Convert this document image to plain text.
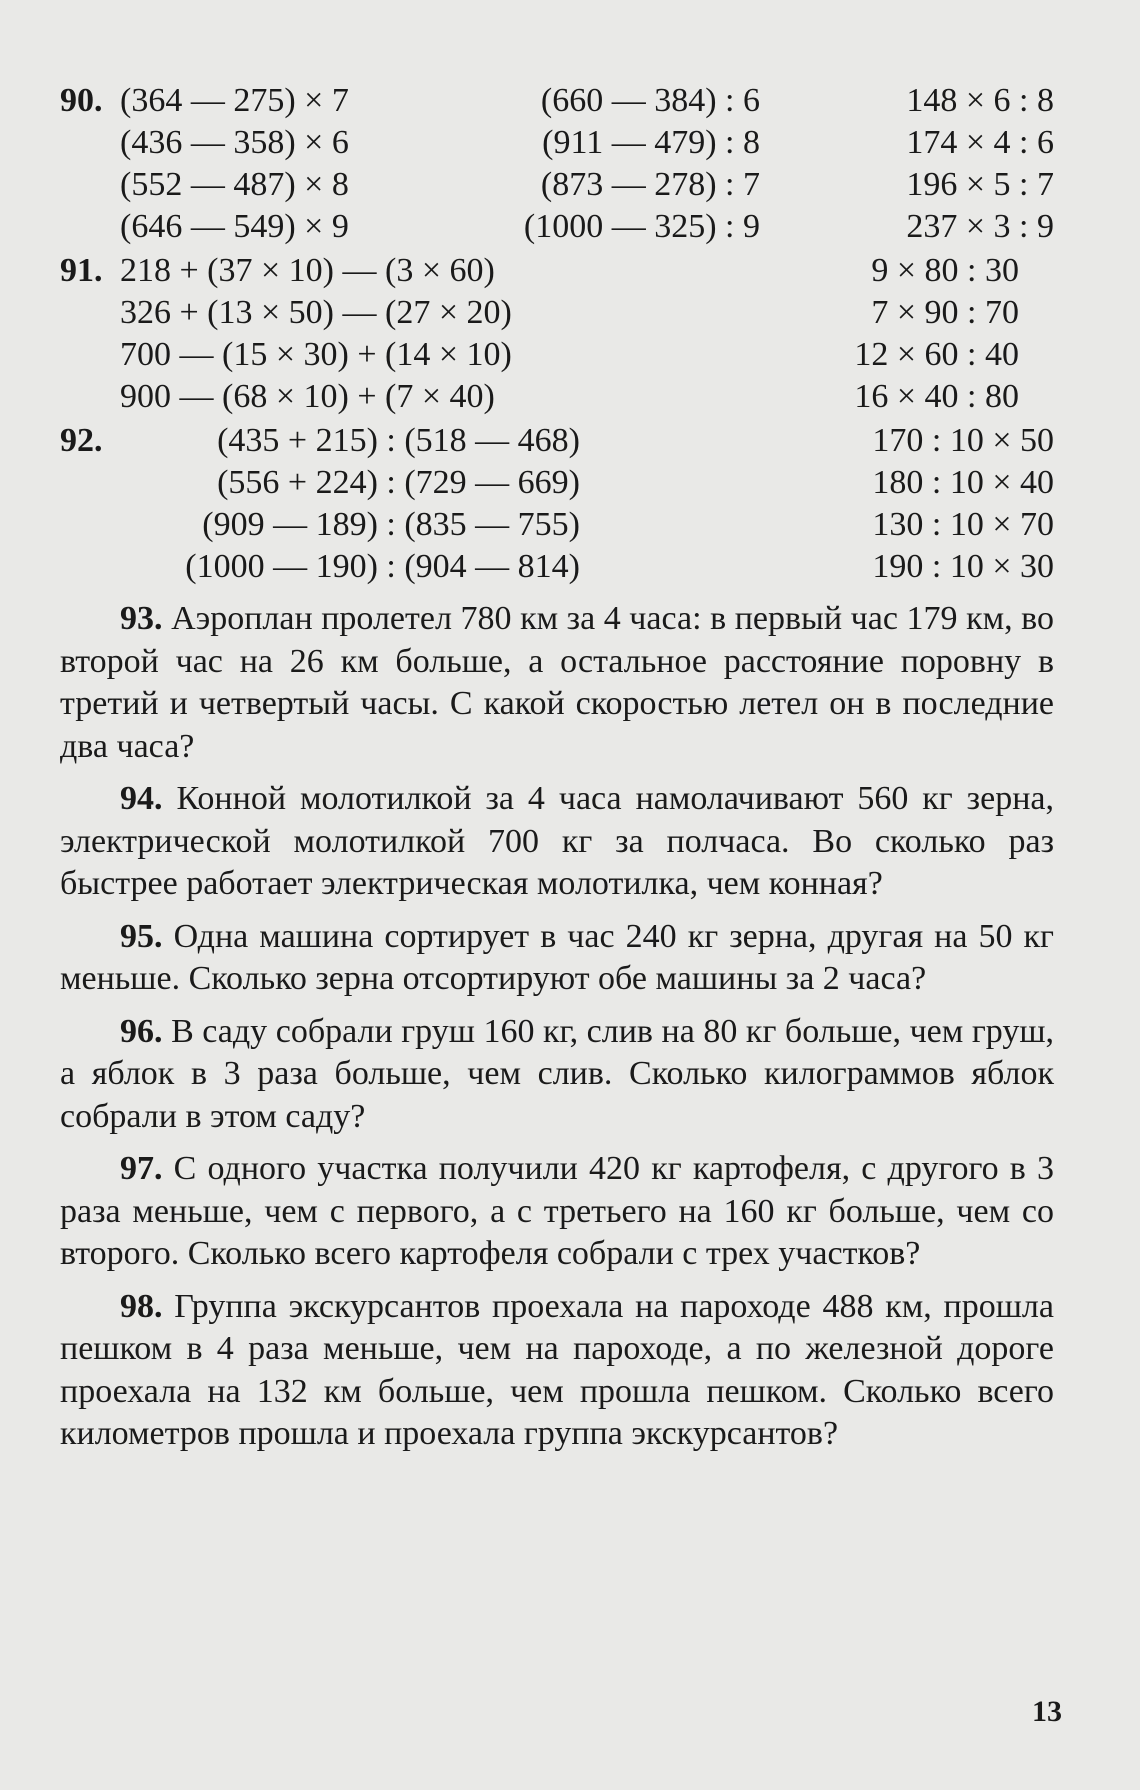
90. (364 — 275) × 7	(660 — 384) : 6	148 × 6 : 8
(436 — 358) × 6	(911 — 479) : 8	174 × 4 : 6
(552 — 487) × 8	(873 — 278) : 7	196 × 5 : 7
(646 — 549) × 9	(1000 — 325) : 9	237 × 3 : 9
91. 218 + (37 × 10) — (3 × 60)	9 × 80 : 30
326 + (13 × 50) — (27 × 20)	7 × 90 : 70
700 — (15 × 30) + (14 × 10)	12 × 60 : 40
900 — (68 × 10) + (7 × 40)	16 × 40 : 80
92.	(435 + 215) : (518 — 468)	170 : 10 × 50
(556 + 224) : (729 — 669)	180 : 10 × 40
(909 — 189) : (835 — 755)	130 : 10 × 70
(1000 — 190) : (904 — 814)	190 : 10 × 30

93. Аэроплан пролетел 780 км за 4 часа: в первый час 179 км, во второй час на 26 км больше, а остальное расстояние поровну в третий и четвертый часы. С какой скоростью летел он в последние два часа?

94. Конной молотилкой за 4 часа намолачивают 560 кг зерна, электрической молотилкой 700 кг за полчаса. Во сколько раз быстрее работает электрическая молотилка, чем конная?

95. Одна машина сортирует в час 240 кг зерна, другая на 50 кг меньше. Сколько зерна отсортируют обе машины за 2 часа?

96. В саду собрали груш 160 кг, слив на 80 кг больше, чем груш, а яблок в 3 раза больше, чем слив. Сколько килограммов яблок собрали в этом саду?

97. С одного участка получили 420 кг картофеля, с другого в 3 раза меньше, чем с первого, а с третьего на 160 кг больше, чем со второго. Сколько всего картофеля собрали с трех участков?

98. Группа экскурсантов проехала на пароходе 488 км, прошла пешком в 4 раза меньше, чем на пароходе, а по железной дороге проехала на 132 км больше, чем прошла пешком. Сколько всего километров прошла и проехала группа экскурсантов?

13
